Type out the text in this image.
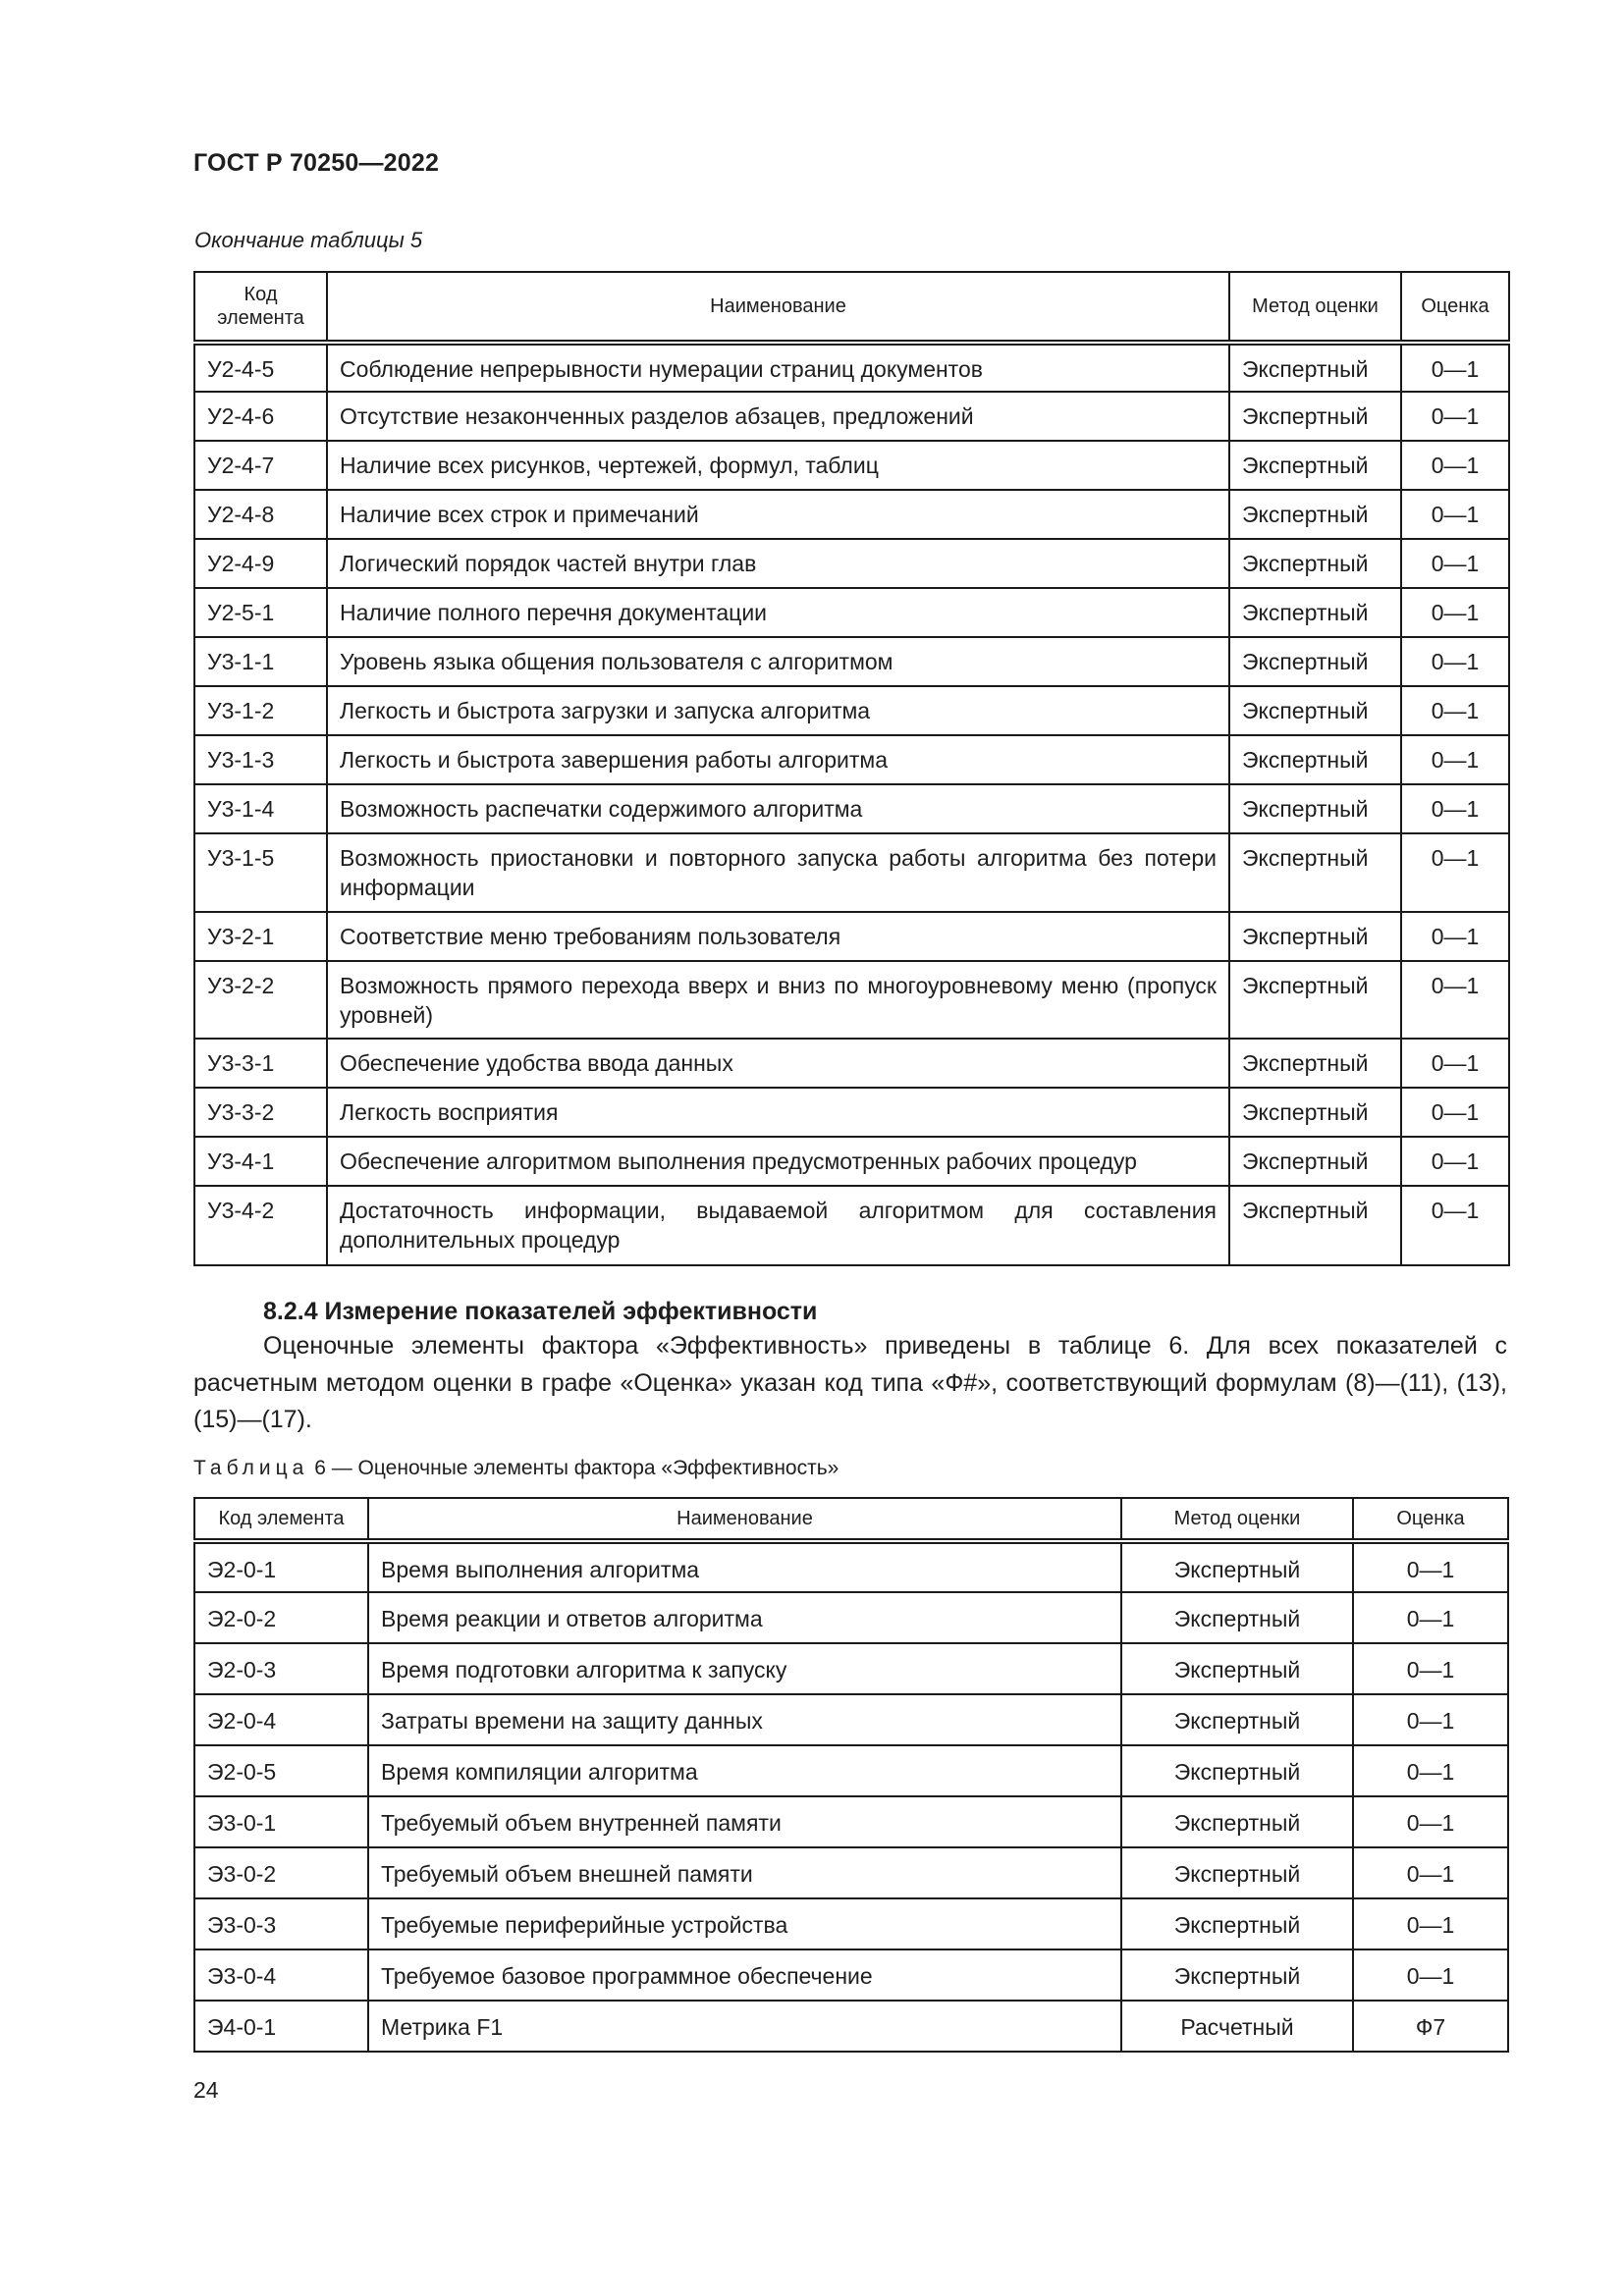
ГОСТ Р 70250—2022
Окончание таблицы 5
Код элемента	Наименование	Метод оценки	Оценка
У2-4-5	Соблюдение непрерывности нумерации страниц документов	Экспертный	0—1
У2-4-6	Отсутствие незаконченных разделов абзацев, предложений	Экспертный	0—1
У2-4-7	Наличие всех рисунков, чертежей, формул, таблиц	Экспертный	0—1
У2-4-8	Наличие всех строк и примечаний	Экспертный	0—1
У2-4-9	Логический порядок частей внутри глав	Экспертный	0—1
У2-5-1	Наличие полного перечня документации	Экспертный	0—1
У3-1-1	Уровень языка общения пользователя с алгоритмом	Экспертный	0—1
У3-1-2	Легкость и быстрота загрузки и запуска алгоритма	Экспертный	0—1
У3-1-3	Легкость и быстрота завершения работы алгоритма	Экспертный	0—1
У3-1-4	Возможность распечатки содержимого алгоритма	Экспертный	0—1
У3-1-5	Возможность приостановки и повторного запуска работы алгоритма без потери информации	Экспертный	0—1
У3-2-1	Соответствие меню требованиям пользователя	Экспертный	0—1
У3-2-2	Возможность прямого перехода вверх и вниз по многоуровневому меню (пропуск уровней)	Экспертный	0—1
У3-3-1	Обеспечение удобства ввода данных	Экспертный	0—1
У3-3-2	Легкость восприятия	Экспертный	0—1
У3-4-1	Обеспечение алгоритмом выполнения предусмотренных рабочих процедур	Экспертный	0—1
У3-4-2	Достаточность информации, выдаваемой алгоритмом для составления дополнительных процедур	Экспертный	0—1
8.2.4 Измерение показателей эффективности

Оценочные элементы фактора «Эффективность» приведены в таблице 6. Для всех показателей с расчетным методом оценки в графе «Оценка» указан код типа «Ф#», соответствующий формулам (8)—(11), (13), (15)—(17).

Таблица 6 — Оценочные элементы фактора «Эффективность»
Код элемента	Наименование	Метод оценки	Оценка
Э2-0-1	Время выполнения алгоритма	Экспертный	0—1
Э2-0-2	Время реакции и ответов алгоритма	Экспертный	0—1
Э2-0-3	Время подготовки алгоритма к запуску	Экспертный	0—1
Э2-0-4	Затраты времени на защиту данных	Экспертный	0—1
Э2-0-5	Время компиляции алгоритма	Экспертный	0—1
Э3-0-1	Требуемый объем внутренней памяти	Экспертный	0—1
Э3-0-2	Требуемый объем внешней памяти	Экспертный	0—1
Э3-0-3	Требуемые периферийные устройства	Экспертный	0—1
Э3-0-4	Требуемое базовое программное обеспечение	Экспертный	0—1
Э4-0-1	Метрика F1	Расчетный	Ф7
24
